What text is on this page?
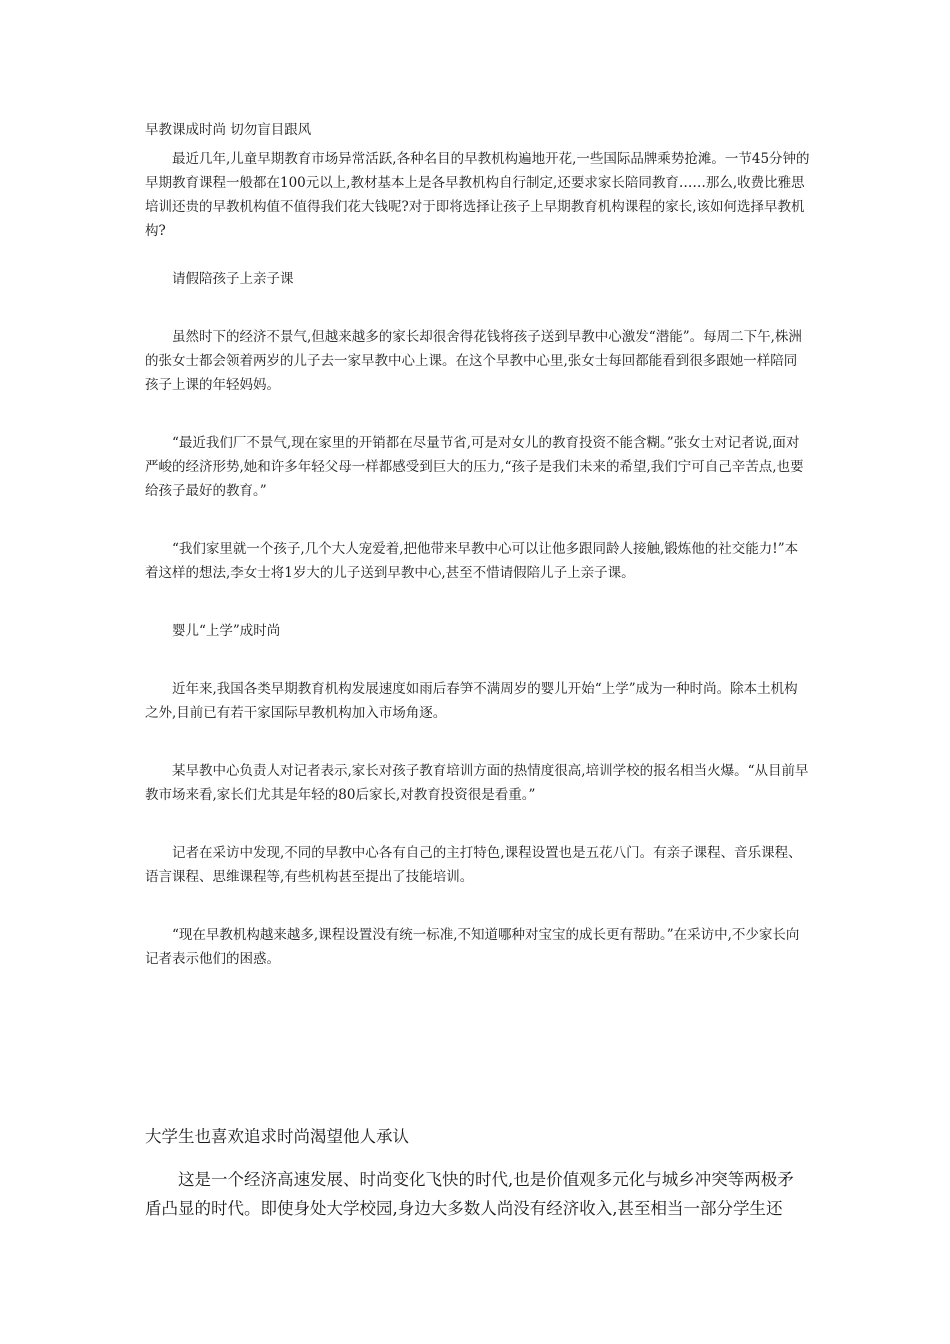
早教课成时尚 切勿盲目跟风

最近几年,儿童早期教育市场异常活跃,各种名目的早教机构遍地开花,一些国际品牌乘势抢滩。一节45分钟的早期教育课程一般都在100元以上,教材基本上是各早教机构自行制定,还要求家长陪同教育……那么,收费比雅思培训还贵的早教机构值不值得我们花大钱呢?对于即将选择让孩子上早期教育机构课程的家长,该如何选择早教机构?

请假陪孩子上亲子课

虽然时下的经济不景气,但越来越多的家长却很舍得花钱将孩子送到早教中心激发“潜能”。每周二下午,株洲的张女士都会领着两岁的儿子去一家早教中心上课。在这个早教中心里,张女士每回都能看到很多跟她一样陪同孩子上课的年轻妈妈。

“最近我们厂不景气,现在家里的开销都在尽量节省,可是对女儿的教育投资不能含糊。”张女士对记者说,面对严峻的经济形势,她和许多年轻父母一样都感受到巨大的压力,“孩子是我们未来的希望,我们宁可自己辛苦点,也要给孩子最好的教育。”

“我们家里就一个孩子,几个大人宠爱着,把他带来早教中心可以让他多跟同龄人接触,锻炼他的社交能力!”本着这样的想法,李女士将1岁大的儿子送到早教中心,甚至不惜请假陪儿子上亲子课。

婴儿“上学”成时尚

近年来,我国各类早期教育机构发展速度如雨后春笋不满周岁的婴儿开始“上学”成为一种时尚。除本土机构之外,目前已有若干家国际早教机构加入市场角逐。

某早教中心负责人对记者表示,家长对孩子教育培训方面的热情度很高,培训学校的报名相当火爆。“从目前早教市场来看,家长们尤其是年轻的80后家长,对教育投资很是看重。”

记者在采访中发现,不同的早教中心各有自己的主打特色,课程设置也是五花八门。有亲子课程、音乐课程、语言课程、思维课程等,有些机构甚至提出了技能培训。

“现在早教机构越来越多,课程设置没有统一标准,不知道哪种对宝宝的成长更有帮助。”在采访中,不少家长向记者表示他们的困惑。

大学生也喜欢追求时尚渴望他人承认

这是一个经济高速发展、时尚变化飞快的时代,也是价值观多元化与城乡冲突等两极矛盾凸显的时代。即使身处大学校园,身边大多数人尚没有经济收入,甚至相当一部分学生还
